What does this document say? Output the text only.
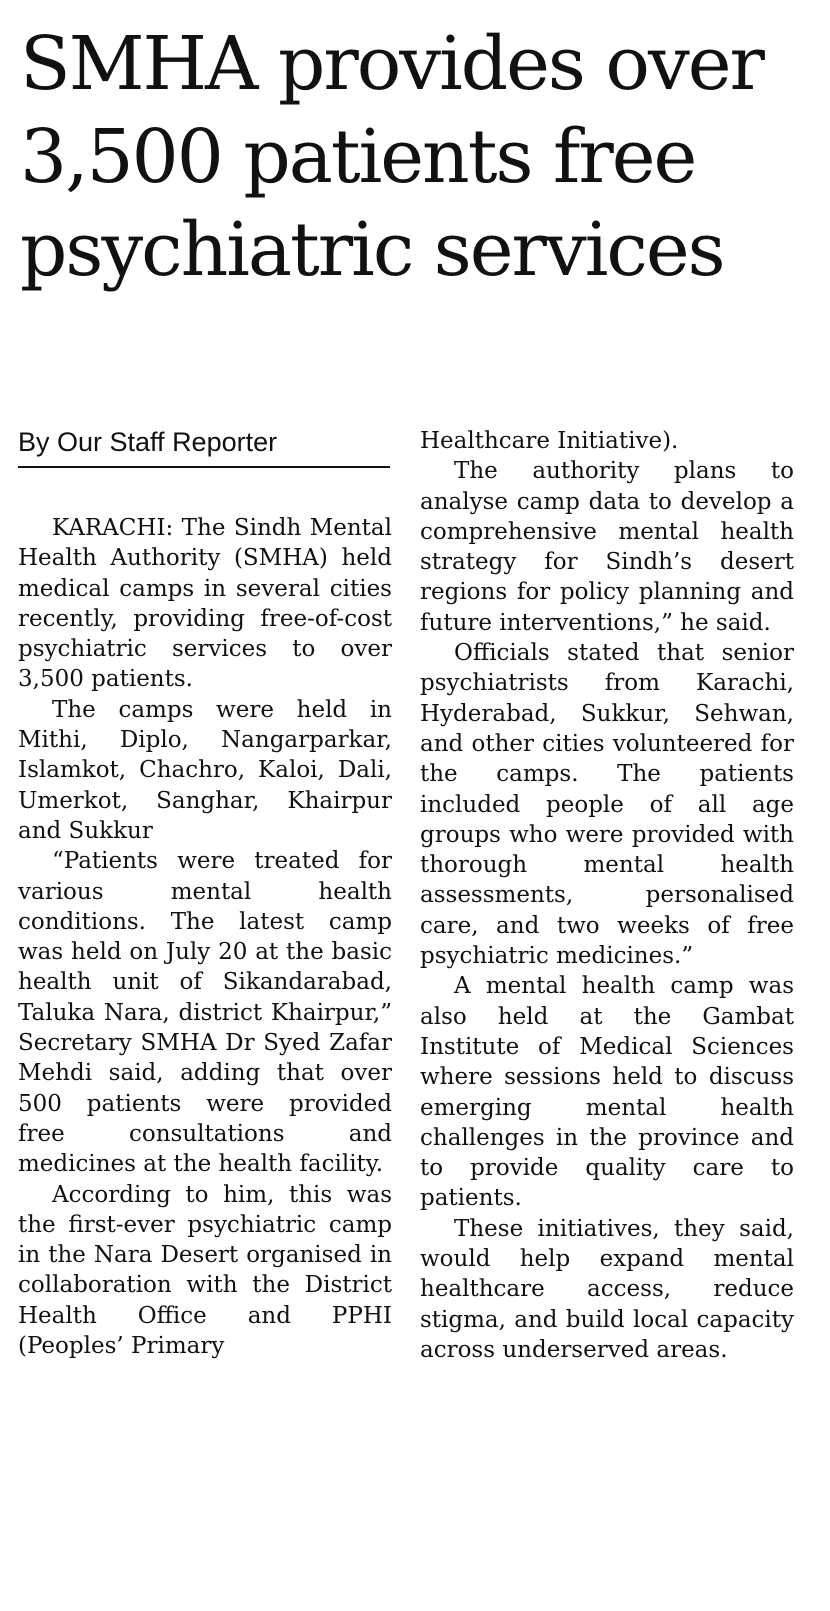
SMHA provides over 3,500 patients free psychiatric services
By Our Staff Reporter

KARACHI: The Sindh Mental Health Authority (SMHA) held medical camps in several cities recently, providing free-of-cost psychiatric services to over 3,500 patients.

The camps were held in Mithi, Diplo, Nangarparkar, Islamkot, Chachro, Kaloi, Dali, Umerkot, Sanghar, Khairpur and Sukkur

“Patients were treated for various mental health conditions. The latest camp was held on July 20 at the basic health unit of Sikandarabad, Taluka Nara, district Khairpur,” Secretary SMHA Dr Syed Zafar Mehdi said, adding that over 500 patients were provided free consultations and medicines at the health facility.

According to him, this was the first-ever psychiatric camp in the Nara Desert organised in collaboration with the District Health Office and PPHI (Peoples’ Primary

Healthcare Initiative).

The authority plans to analyse camp data to develop a comprehensive mental health strategy for Sindh’s desert regions for policy planning and future interventions,” he said.

Officials stated that senior psychiatrists from Karachi, Hyderabad, Sukkur, Sehwan, and other cities volunteered for the camps. The patients included people of all age groups who were provided with thorough mental health assessments, personalised care, and two weeks of free psychiatric medicines.”

A mental health camp was also held at the Gambat Institute of Medical Sciences where sessions held to discuss emerging mental health challenges in the province and to provide quality care to patients.

These initiatives, they said, would help expand mental healthcare access, reduce stigma, and build local capacity across underserved areas.
